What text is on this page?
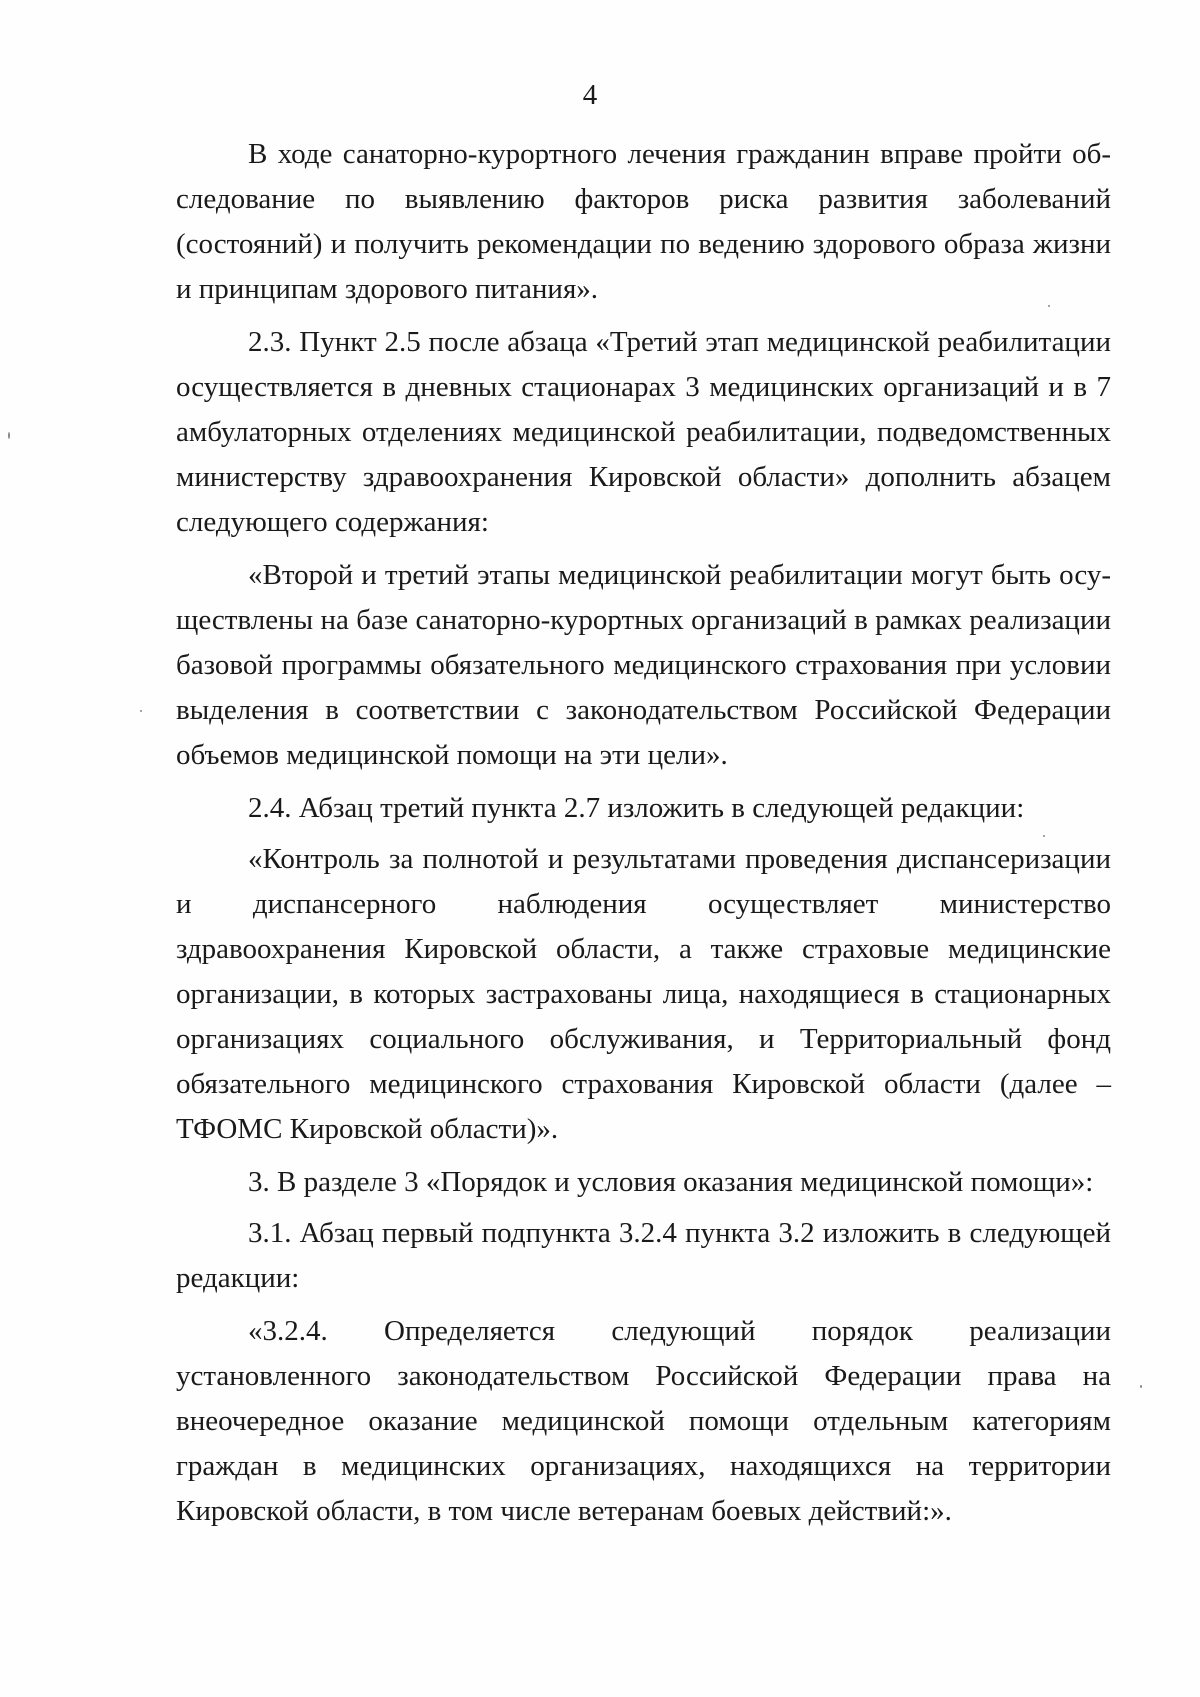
4

В ходе санаторно-курортного лечения гражданин вправе пройти обследование по выявлению факторов риска развития заболеваний (состояний) и получить рекомендации по ведению здорового образа жизни и принципам здорового питания».

2.3. Пункт 2.5 после абзаца «Третий этап медицинской реабилитации осуществляется в дневных стационарах 3 медицинских организаций и в 7 амбулаторных отделениях медицинской реабилитации, подведомственных министерству здравоохранения Кировской области» дополнить абзацем следующего содержания:

«Второй и третий этапы медицинской реабилитации могут быть осуществлены на базе санаторно-курортных организаций в рамках реализации базовой программы обязательного медицинского страхования при условии выделения в соответствии с законодательством Российской Федерации объемов медицинской помощи на эти цели».

2.4. Абзац третий пункта 2.7 изложить в следующей редакции:

«Контроль за полнотой и результатами проведения диспансеризации и диспансерного наблюдения осуществляет министерство здравоохранения Кировской области, а также страховые медицинские организации, в которых застрахованы лица, находящиеся в стационарных организациях социального обслуживания, и Территориальный фонд обязательного медицинского страхования Кировской области (далее – ТФОМС Кировской области)».

3. В разделе 3 «Порядок и условия оказания медицинской помощи»:

3.1. Абзац первый подпункта 3.2.4 пункта 3.2 изложить в следующей редакции:

«3.2.4. Определяется следующий порядок реализации установленного законодательством Российской Федерации права на внеочередное оказание медицинской помощи отдельным категориям граждан в медицинских организациях, находящихся на территории Кировской области, в том числе ветеранам боевых действий:».
